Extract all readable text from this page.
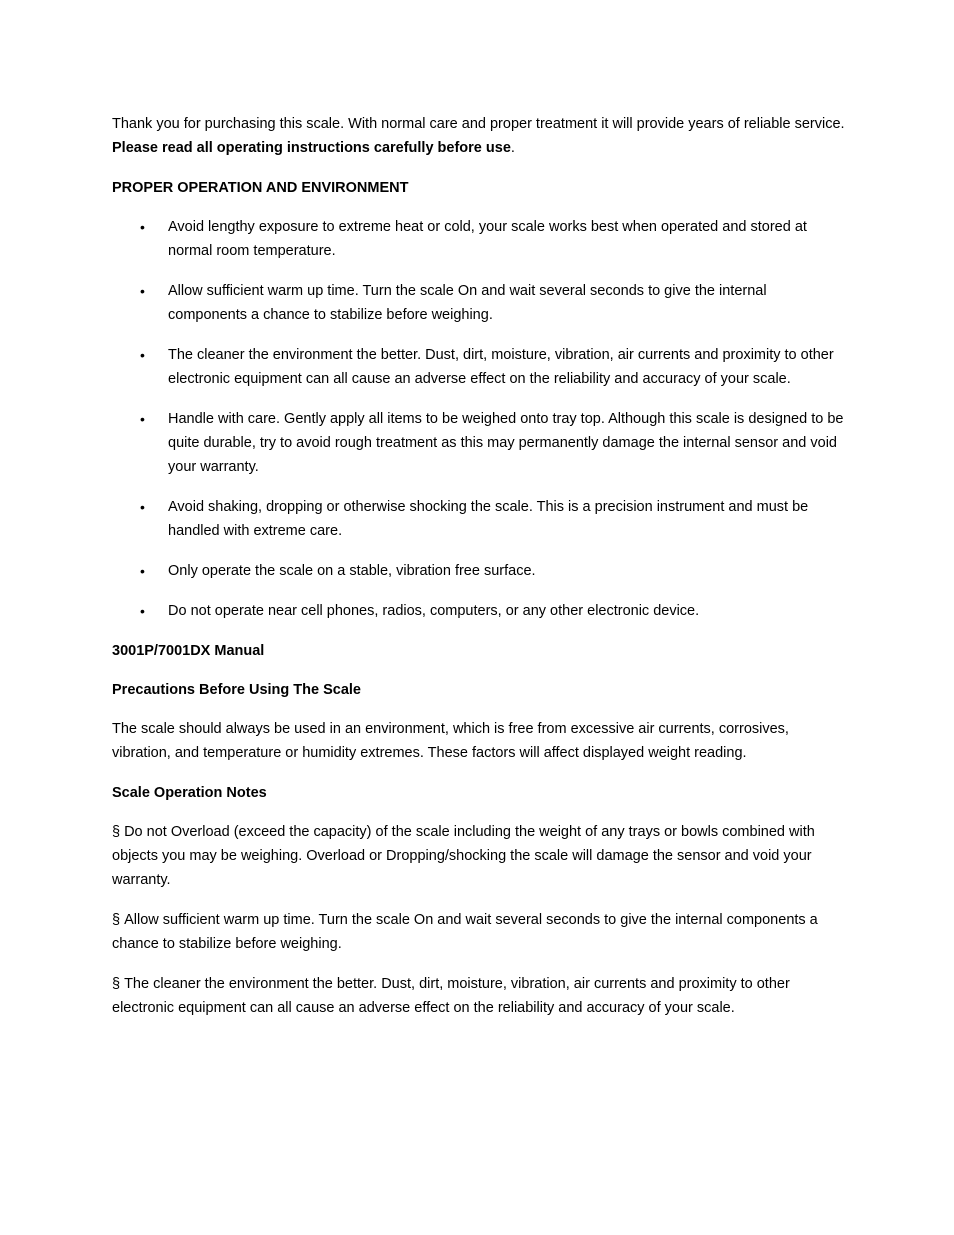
Thank you for purchasing this scale. With normal care and proper treatment it will provide years of reliable service. Please read all operating instructions carefully before use.

PROPER OPERATION AND ENVIRONMENT

• Avoid lengthy exposure to extreme heat or cold, your scale works best when operated and stored at normal room temperature.
• Allow sufficient warm up time. Turn the scale On and wait several seconds to give the internal components a chance to stabilize before weighing.
• The cleaner the environment the better. Dust, dirt, moisture, vibration, air currents and proximity to other electronic equipment can all cause an adverse effect on the reliability and accuracy of your scale.
• Handle with care. Gently apply all items to be weighed onto tray top. Although this scale is designed to be quite durable, try to avoid rough treatment as this may permanently damage the internal sensor and void your warranty.
• Avoid shaking, dropping or otherwise shocking the scale. This is a precision instrument and must be handled with extreme care.
• Only operate the scale on a stable, vibration free surface.
• Do not operate near cell phones, radios, computers, or any other electronic device.

3001P/7001DX Manual

Precautions Before Using The Scale

The scale should always be used in an environment, which is free from excessive air currents, corrosives, vibration, and temperature or humidity extremes. These factors will affect displayed weight reading.

Scale Operation Notes

§ Do not Overload (exceed the capacity) of the scale including the weight of any trays or bowls combined with objects you may be weighing. Overload or Dropping/shocking the scale will damage the sensor and void your warranty.

§ Allow sufficient warm up time. Turn the scale On and wait several seconds to give the internal components a chance to stabilize before weighing.

§ The cleaner the environment the better. Dust, dirt, moisture, vibration, air currents and proximity to other electronic equipment can all cause an adverse effect on the reliability and accuracy of your scale.
